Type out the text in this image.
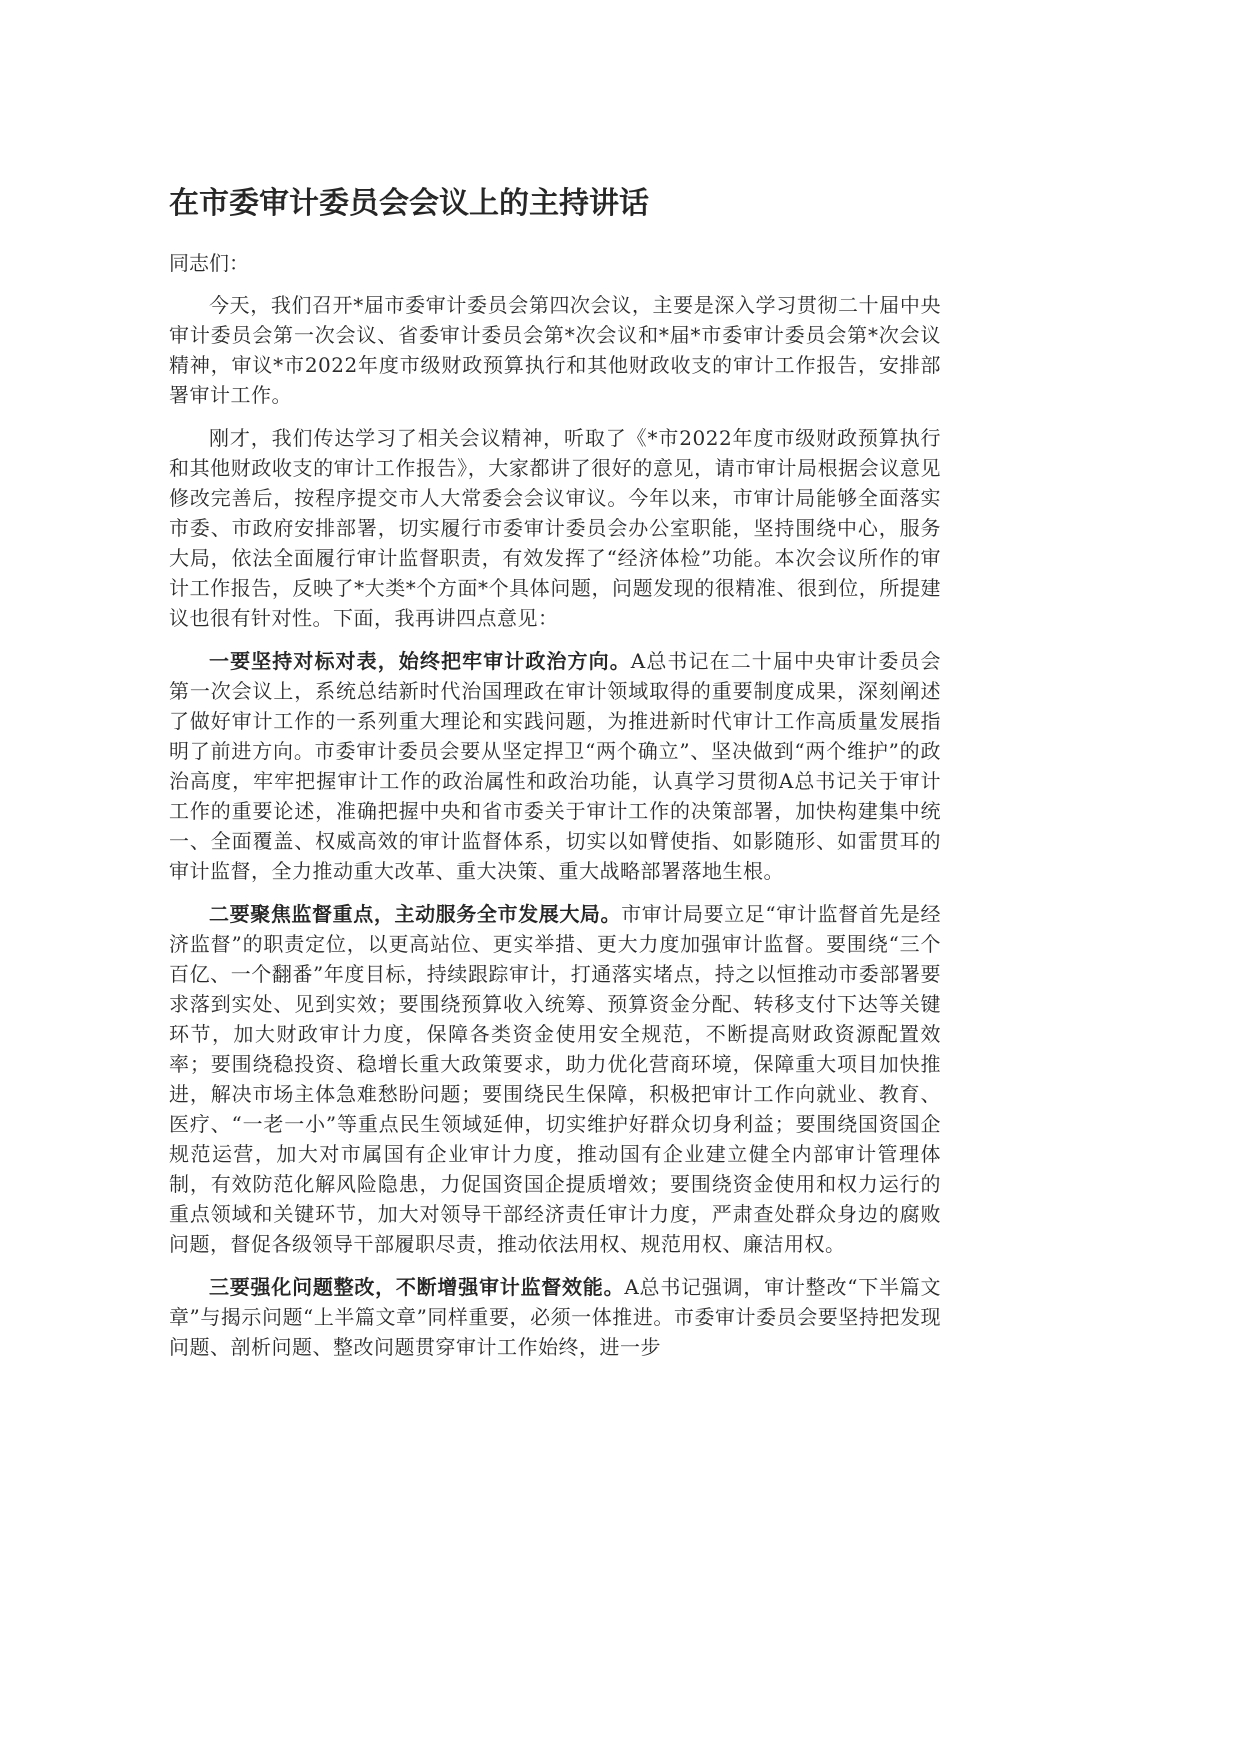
在市委审计委员会会议上的主持讲话

同志们：

今天，我们召开*届市委审计委员会第四次会议，主要是深入学习贯彻二十届中央审计委员会第一次会议、省委审计委员会第*次会议和*届*市委审计委员会第*次会议精神，审议*市2022年度市级财政预算执行和其他财政收支的审计工作报告，安排部署审计工作。

刚才，我们传达学习了相关会议精神，听取了《*市2022年度市级财政预算执行和其他财政收支的审计工作报告》，大家都讲了很好的意见，请市审计局根据会议意见修改完善后，按程序提交市人大常委会会议审议。今年以来，市审计局能够全面落实市委、市政府安排部署，切实履行市委审计委员会办公室职能，坚持围绕中心，服务大局，依法全面履行审计监督职责，有效发挥了“经济体检”功能。本次会议所作的审计工作报告，反映了*大类*个方面*个具体问题，问题发现的很精准、很到位，所提建议也很有针对性。下面，我再讲四点意见：

一要坚持对标对表，始终把牢审计政治方向。A总书记在二十届中央审计委员会第一次会议上，系统总结新时代治国理政在审计领域取得的重要制度成果，深刻阐述了做好审计工作的一系列重大理论和实践问题，为推进新时代审计工作高质量发展指明了前进方向。市委审计委员会要从坚定捍卫“两个确立”、坚决做到“两个维护”的政治高度，牢牢把握审计工作的政治属性和政治功能，认真学习贯彻A总书记关于审计工作的重要论述，准确把握中央和省市委关于审计工作的决策部署，加快构建集中统一、全面覆盖、权威高效的审计监督体系，切实以如臂使指、如影随形、如雷贯耳的审计监督，全力推动重大改革、重大决策、重大战略部署落地生根。

二要聚焦监督重点，主动服务全市发展大局。市审计局要立足“审计监督首先是经济监督”的职责定位，以更高站位、更实举措、更大力度加强审计监督。要围绕“三个百亿、一个翻番”年度目标，持续跟踪审计，打通落实堵点，持之以恒推动市委部署要求落到实处、见到实效；要围绕预算收入统筹、预算资金分配、转移支付下达等关键环节，加大财政审计力度，保障各类资金使用安全规范，不断提高财政资源配置效率；要围绕稳投资、稳增长重大政策要求，助力优化营商环境，保障重大项目加快推进，解决市场主体急难愁盼问题；要围绕民生保障，积极把审计工作向就业、教育、医疗、“一老一小”等重点民生领域延伸，切实维护好群众切身利益；要围绕国资国企规范运营，加大对市属国有企业审计力度，推动国有企业建立健全内部审计管理体制，有效防范化解风险隐患，力促国资国企提质增效；要围绕资金使用和权力运行的重点领域和关键环节，加大对领导干部经济责任审计力度，严肃查处群众身边的腐败问题，督促各级领导干部履职尽责，推动依法用权、规范用权、廉洁用权。

三要强化问题整改，不断增强审计监督效能。A总书记强调，审计整改“下半篇文章”与揭示问题“上半篇文章”同样重要，必须一体推进。市委审计委员会要坚持把发现问题、剖析问题、整改问题贯穿审计工作始终，进一步
